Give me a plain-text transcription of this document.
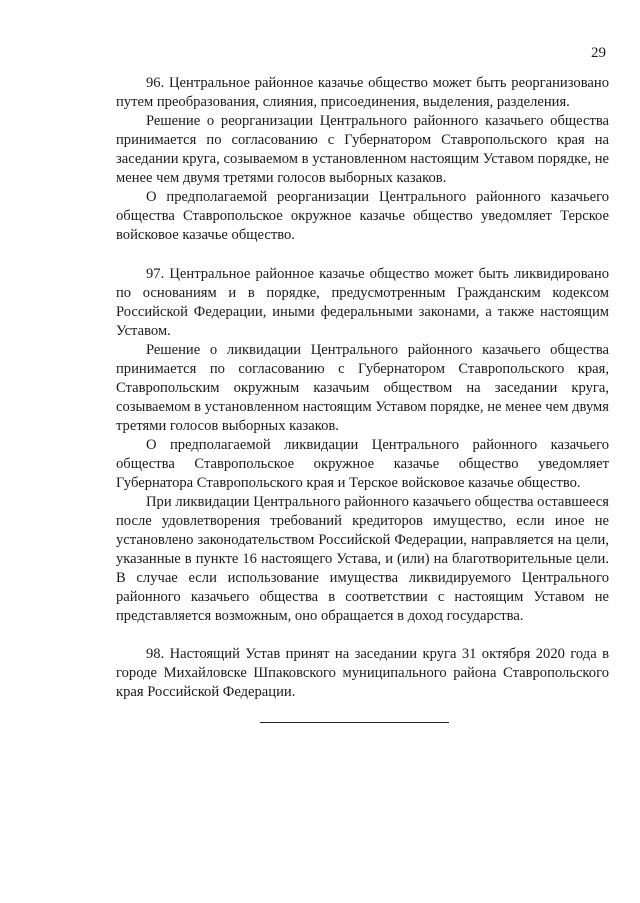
29

96. Центральное районное казачье общество может быть реорганизовано путем преобразования, слияния, присоединения, выделения, разделения.

Решение о реорганизации Центрального районного казачьего общества принимается по согласованию с Губернатором Ставропольского края на заседании круга, созываемом в установленном настоящим Уставом порядке, не менее чем двумя третями голосов выборных казаков.

О предполагаемой реорганизации Центрального районного казачьего общества Ставропольское окружное казачье общество уведомляет Терское войсковое казачье общество.

97. Центральное районное казачье общество может быть ликвидировано по основаниям и в порядке, предусмотренным Гражданским кодексом Российской Федерации, иными федеральными законами, а также настоящим Уставом.

Решение о ликвидации Центрального районного казачьего общества принимается по согласованию с Губернатором Ставропольского края, Ставропольским окружным казачьим обществом на заседании круга, созываемом в установленном настоящим Уставом порядке, не менее чем двумя третями голосов выборных казаков.

О предполагаемой ликвидации Центрального районного казачьего общества Ставропольское окружное казачье общество уведомляет Губернатора Ставропольского края и Терское войсковое казачье общество.

При ликвидации Центрального районного казачьего общества оставшееся после удовлетворения требований кредиторов имущество, если иное не установлено законодательством Российской Федерации, направляется на цели, указанные в пункте 16 настоящего Устава, и (или) на благотворительные цели. В случае если использование имущества ликвидируемого Центрального районного казачьего общества в соответствии с настоящим Уставом не представляется возможным, оно обращается в доход государства.

98. Настоящий Устав принят на заседании круга 31 октября 2020 года в городе Михайловске Шпаковского муниципального района Ставропольского края Российской Федерации.
